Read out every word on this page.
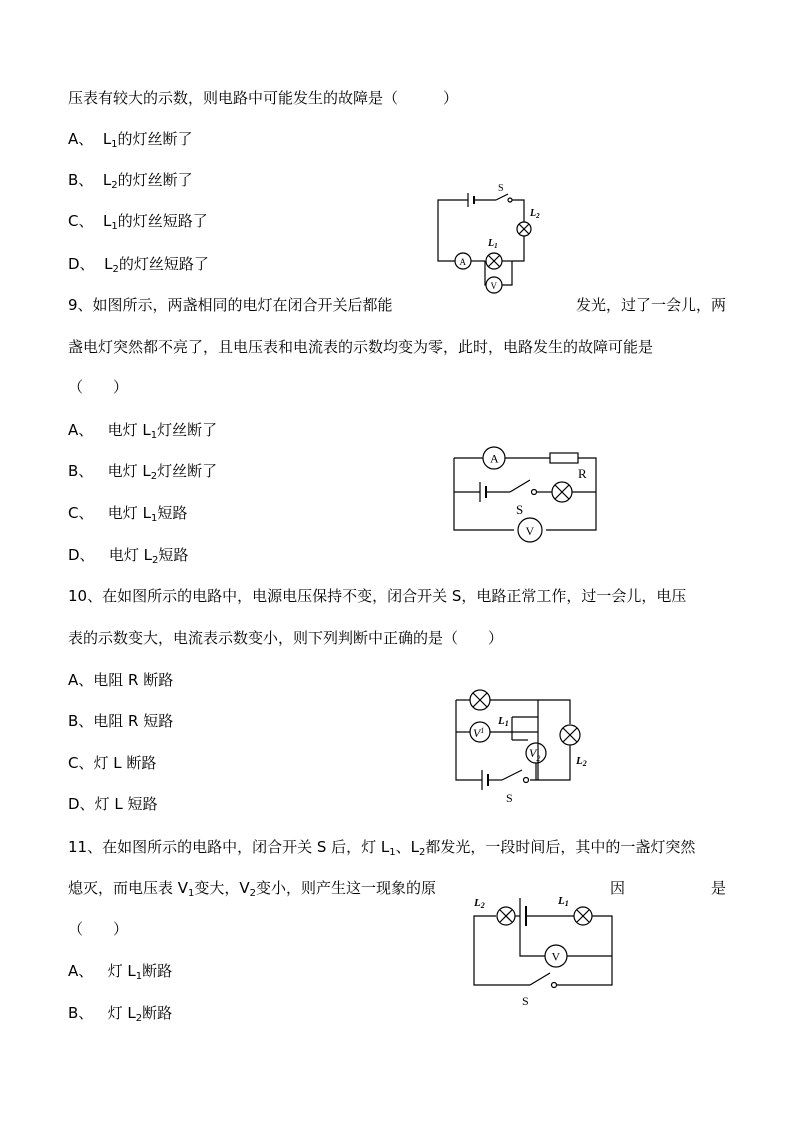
压表有较大的示数，则电路中可能发生的故障是（　　　）
A、 $L_1$的灯丝断了
B、 $L_2$的灯丝断了
C、 $L_1$的灯丝短路了
D、 $L_2$的灯丝短路了
S
$L_2$
$L_1$
A
V
9、如图所示，两盏相同的电灯在闭合开关后都能	发光，过了一会儿，两
盏电灯突然都不亮了，且电压表和电流表的示数均变为零，此时，电路发生的故障可能是
（　　）
A、 电灯 $L_1$灯丝断了
B、 电灯 $L_2$灯丝断了
C、 电灯 $L_1$短路
D、 电灯 $L_2$短路
A
R
S
V
10、在如图所示的电路中，电源电压保持不变，闭合开关 S，电路正常工作，过一会儿，电压
表的示数变大，电流表示数变小，则下列判断中正确的是（　　）
A、电阻 R 断路
B、电阻 R 短路
C、灯 L 断路
D、灯 L 短路
L1
$V^1$
$V_2$	L2
S
11、在如图所示的电路中，闭合开关 S 后，灯 $L_1$、$L_2$都发光，一段时间后，其中的一盏灯突然
熄灭，而电压表 $V_1$变大，$V_2$变小，则产生这一现象的原	因	是
（　　）
A、 灯 $L_1$断路
B、 灯 $L_2$断路
L2	L1
V
S
